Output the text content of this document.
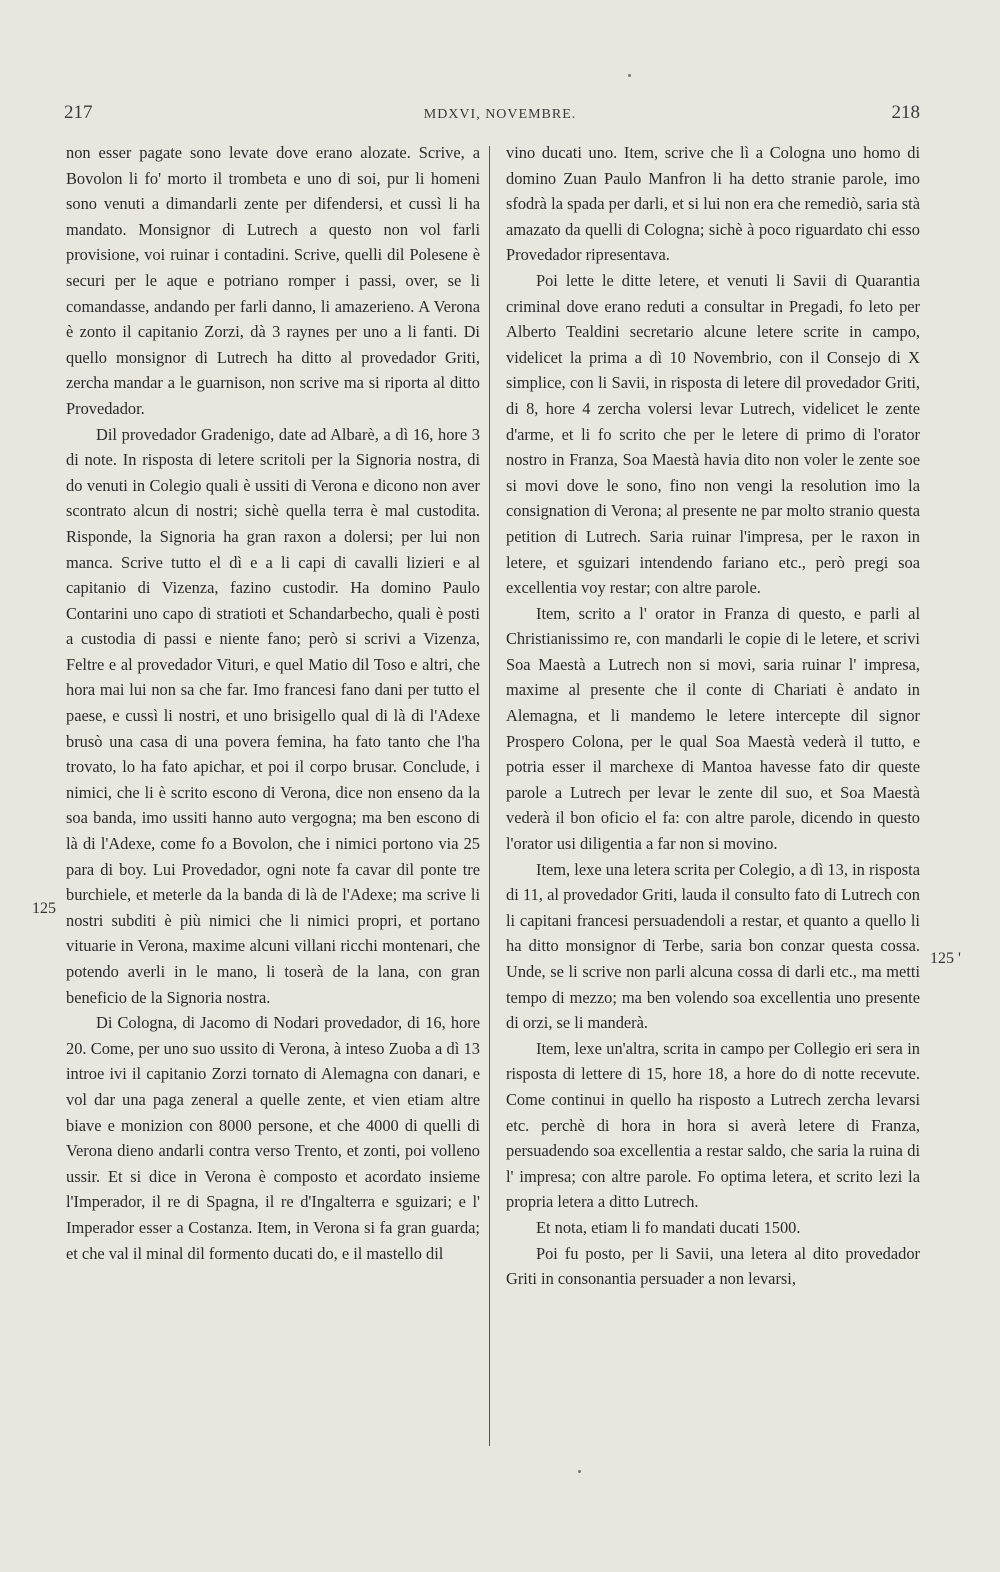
217	MDXVI, NOVEMBRE.	218

non esser pagate sono levate dove erano alozate. Scrive, a Bovolon li fo' morto il trombeta e uno di soi, pur li homeni sono venuti a dimandarli zente per difendersi, et cussì li ha mandato. Monsignor di Lutrech a questo non vol farli provisione, voi ruinar i contadini. Scrive, quelli dil Polesene è securi per le aque e potriano romper i passi, over, se li comandasse, andando per farli danno, li amazerieno. A Verona è zonto il capitanio Zorzi, dà 3 raynes per uno a li fanti. Di quello monsignor di Lutrech ha ditto al provedador Griti, zercha mandar a le guarnison, non scrive ma si riporta al ditto Provedador.

Dil provedador Gradenigo, date ad Albarè, a dì 16, hore 3 di note. In risposta di letere scritoli per la Signoria nostra, di do venuti in Colegio quali è ussiti di Verona e dicono non aver scontrato alcun di nostri; sichè quella terra è mal custodita. Risponde, la Signoria ha gran raxon a dolersi; per lui non manca. Scrive tutto el dì e a li capi di cavalli lizieri e al capitanio di Vizenza, fazino custodir. Ha domino Paulo Contarini uno capo di stratioti et Schandarbecho, quali è posti a custodia di passi e niente fano; però si scrivi a Vizenza, Feltre e al provedador Vituri, e quel Matio dil Toso e altri, che hora mai lui non sa che far. Imo francesi fano dani per tutto el paese, e cussì li nostri, et uno brisigello qual di là di l'Adexe brusò una casa di una povera femina, ha fato tanto che l'ha trovato, lo ha fato apichar, et poi il corpo brusar. Conclude, i nimici, che li è scrito escono di Verona, dice non enseno da la soa banda, imo ussiti hanno auto vergogna; ma ben escono di là di l'Adexe, come fo a Bovolon, che i nimici portono via 25 para di boy. Lui Provedador, ogni note fa cavar dil ponte tre burchiele, et meterle da la banda di là de l'Adexe; ma scrive li nostri subditi è più nimici che li nimici propri, et portano vituarie in Verona, maxime alcuni villani ricchi montenari, che potendo averli in le mano, li toserà de la lana, con gran beneficio de la Signoria nostra.

Di Cologna, di Jacomo di Nodari provedador, di 16, hore 20. Come, per uno suo ussito di Verona, à inteso Zuoba a dì 13 introe ivi il capitanio Zorzi tornato di Alemagna con danari, e vol dar una paga zeneral a quelle zente, et vien etiam altre biave e monizion con 8000 persone, et che 4000 di quelli di Verona dieno andarli contra verso Trento, et zonti, poi volleno ussir. Et si dice in Verona è composto et acordato insieme l'Imperador, il re di Spagna, il re d'Ingalterra e sguizari; e l' Imperador esser a Costanza. Item, in Verona si fa gran guarda; et che val il minal dil formento ducati do, e il mastello dil

vino ducati uno. Item, scrive che lì a Cologna uno homo di domino Zuan Paulo Manfron li ha detto stranie parole, imo sfodrà la spada per darli, et si lui non era che remediò, saria stà amazato da quelli di Cologna; sichè à poco riguardato chi esso Provedador ripresentava.

Poi lette le ditte letere, et venuti li Savii di Quarantia criminal dove erano reduti a consultar in Pregadi, fo leto per Alberto Tealdini secretario alcune letere scrite in campo, videlicet la prima a dì 10 Novembrio, con il Consejo di X simplice, con li Savii, in risposta di letere dil provedador Griti, di 8, hore 4 zercha volersi levar Lutrech, videlicet le zente d'arme, et li fo scrito che per le letere di primo di l'orator nostro in Franza, Soa Maestà havia dito non voler le zente soe si movi dove le sono, fino non vengi la resolution imo la consignation di Verona; al presente ne par molto stranio questa petition di Lutrech. Saria ruinar l'impresa, per le raxon in letere, et sguizari intendendo fariano etc., però pregi soa excellentia voy restar; con altre parole.

Item, scrito a l' orator in Franza di questo, e parli al Christianissimo re, con mandarli le copie di le letere, et scrivi Soa Maestà a Lutrech non si movi, saria ruinar l' impresa, maxime al presente che il conte di Chariati è andato in Alemagna, et li mandemo le letere intercepte dil signor Prospero Colona, per le qual Soa Maestà vederà il tutto, e potria esser il marchexe di Mantoa havesse fato dir queste parole a Lutrech per levar le zente dil suo, et Soa Maestà vederà il bon oficio el fa: con altre parole, dicendo in questo l'orator usi diligentia a far non si movino.

Item, lexe una letera scrita per Colegio, a dì 13, in risposta di 11, al provedador Griti, lauda il consulto fato di Lutrech con li capitani francesi persuadendoli a restar, et quanto a quello li ha ditto monsignor di Terbe, saria bon conzar questa cossa. Unde, se li scrive non parli alcuna cossa di darli etc., ma metti tempo di mezzo; ma ben volendo soa excellentia uno presente di orzi, se li manderà.

Item, lexe un'altra, scrita in campo per Collegio eri sera in risposta di lettere di 15, hore 18, a hore do di notte recevute. Come continui in quello ha risposto a Lutrech zercha levarsi etc. perchè di hora in hora si averà letere di Franza, persuadendo soa excellentia a restar saldo, che saria la ruina di l' impresa; con altre parole. Fo optima letera, et scrito lezi la propria letera a ditto Lutrech.

Et nota, etiam li fo mandati ducati 1500.

Poi fu posto, per li Savii, una letera al dito provedador Griti in consonantia persuader a non levarsi,

125
125 '
